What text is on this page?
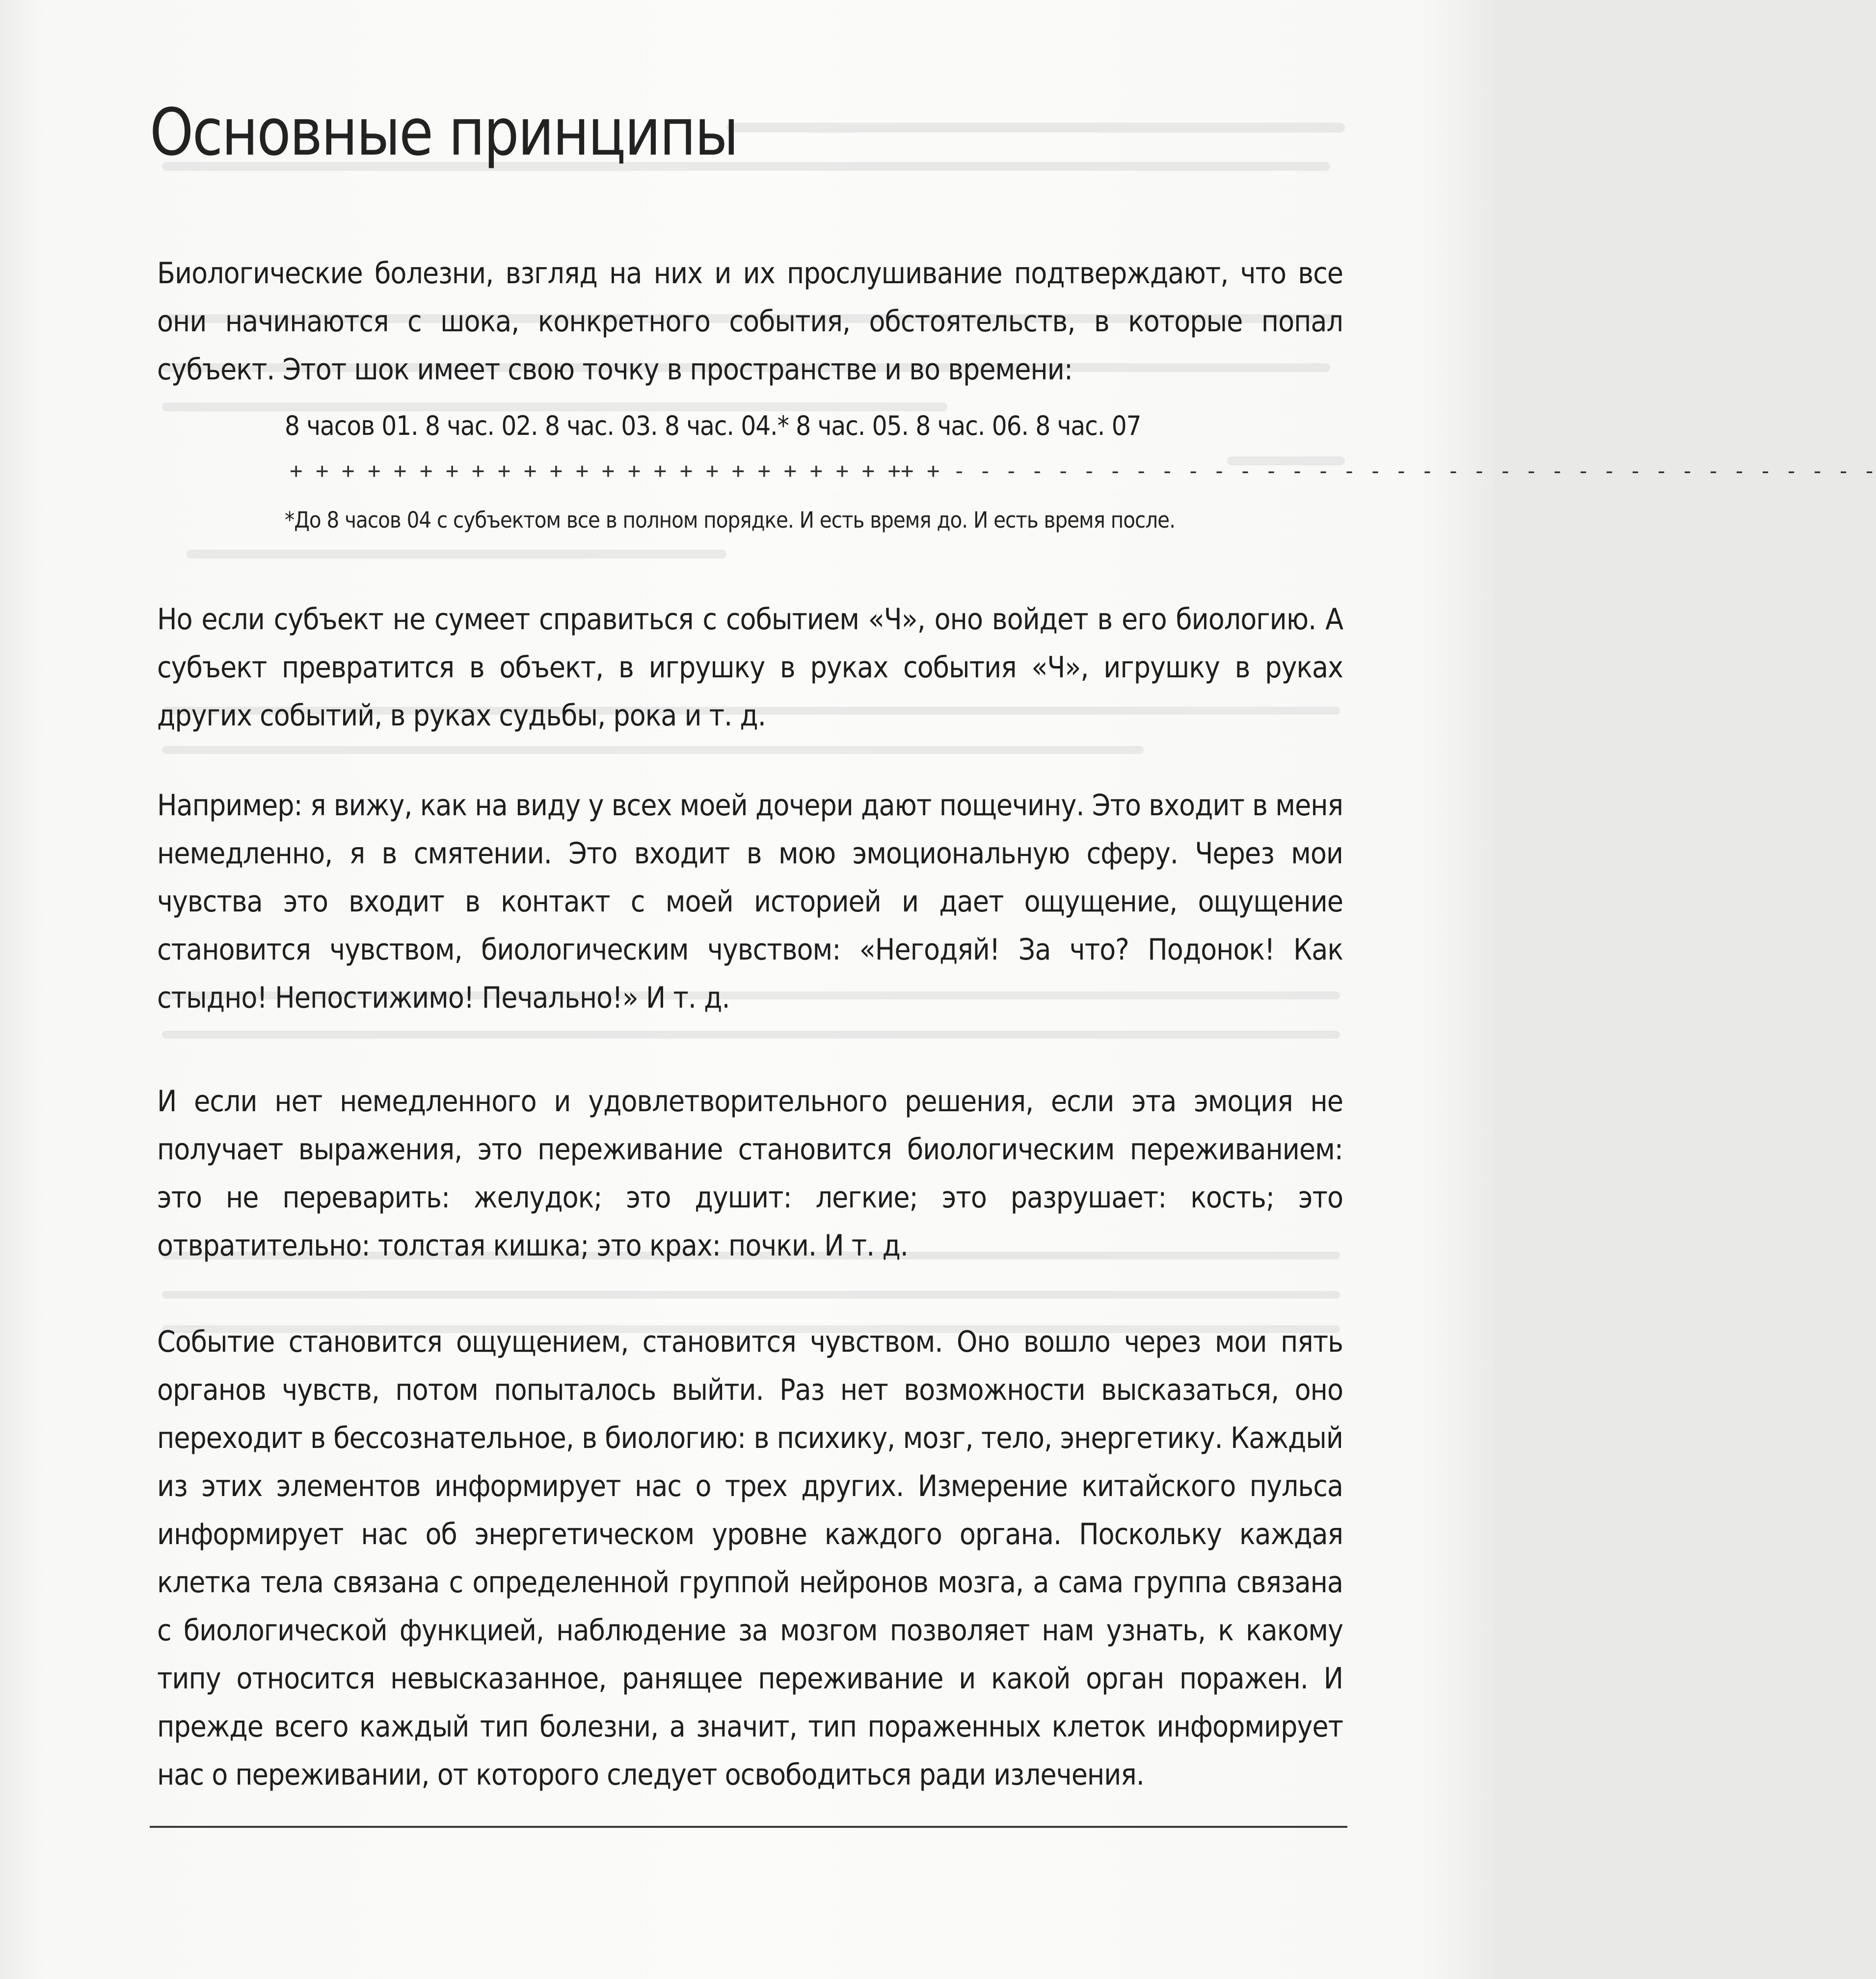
Основные принципы

Биологические болезни, взгляд на них и их прослушивание подтверждают, что все они начинаются с шока, конкретного события, обстоятельств, в которые попал субъект. Этот шок имеет свою точку в пространстве и во времени:

8 часов 01. 8 час. 02. 8 час. 03. 8 час. 04.* 8 час. 05. 8 час. 06. 8 час. 07
+ + + + + + + + + + + + + + + + + + + + + + + ++ + - - - - - - - - - - - - - - - - - - - - - - - - - - - - - - - - - - - -
*До 8 часов 04 с субъектом все в полном порядке. И есть время до. И есть время после.

Но если субъект не сумеет справиться с событием «Ч», оно войдет в его биологию. А субъект превратится в объект, в игрушку в руках события «Ч», игрушку в руках других событий, в руках судьбы, рока и т. д.

Например: я вижу, как на виду у всех моей дочери дают пощечину. Это входит в меня немедленно, я в смятении. Это входит в мою эмоциональную сферу. Через мои чувства это входит в контакт с моей историей и дает ощущение, ощущение становится чувством, биологическим чувством: «Негодяй! За что? Подонок! Как стыдно! Непостижимо! Печально!» И т. д.

И если нет немедленного и удовлетворительного решения, если эта эмоция не получает выражения, это переживание становится биологическим переживанием: это не переварить: желудок; это душит: легкие; это разрушает: кость; это отвратительно: толстая кишка; это крах: почки. И т. д.

Событие становится ощущением, становится чувством. Оно вошло через мои пять органов чувств, потом попыталось выйти. Раз нет возможности высказаться, оно переходит в бессознательное, в биологию: в психику, мозг, тело, энергетику. Каждый из этих элементов информирует нас о трех других. Измерение китайского пульса информирует нас об энергетическом уровне каждого органа. Поскольку каждая клетка тела связана с определенной группой нейронов мозга, а сама группа связана с биологической функцией, наблюдение за мозгом позволяет нам узнать, к какому типу относится невысказанное, ранящее переживание и какой орган поражен. И прежде всего каждый тип болезни, а значит, тип пораженных клеток информирует нас о переживании, от которого следует освободиться ради излечения.
